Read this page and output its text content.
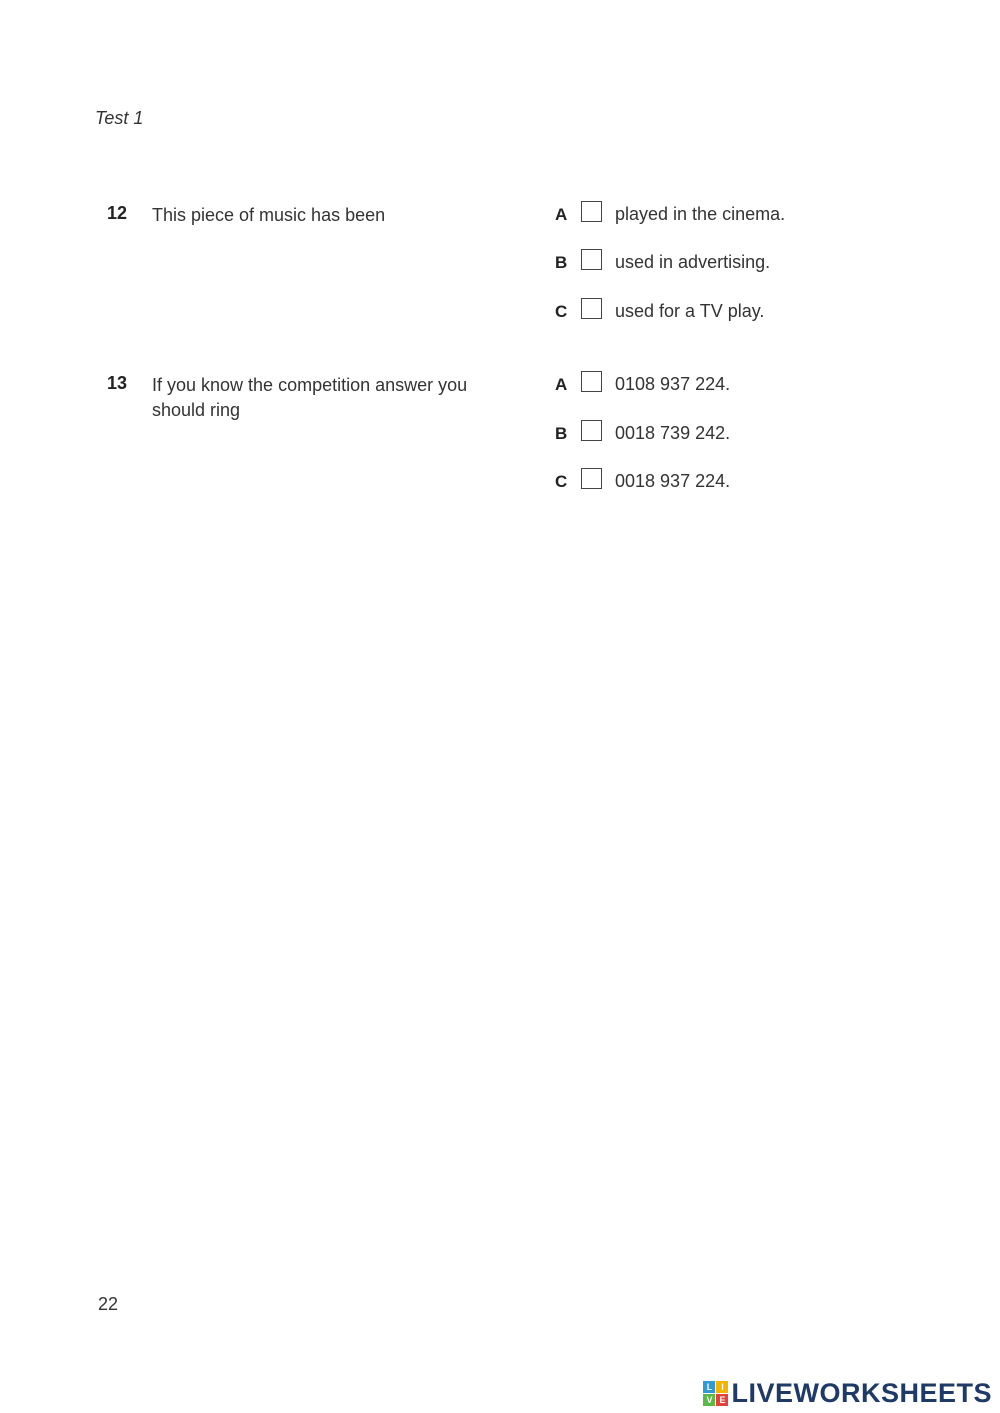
Test 1
12 This piece of music has been	A	played in the cinema.
B	used in advertising.
C	used for a TV play.
13 If you know the competition answer you should ring
A	0108 937 224.
B	0018 739 242.
C	0018 937 224.
22
L I
V E LIVEWORKSHEETS
